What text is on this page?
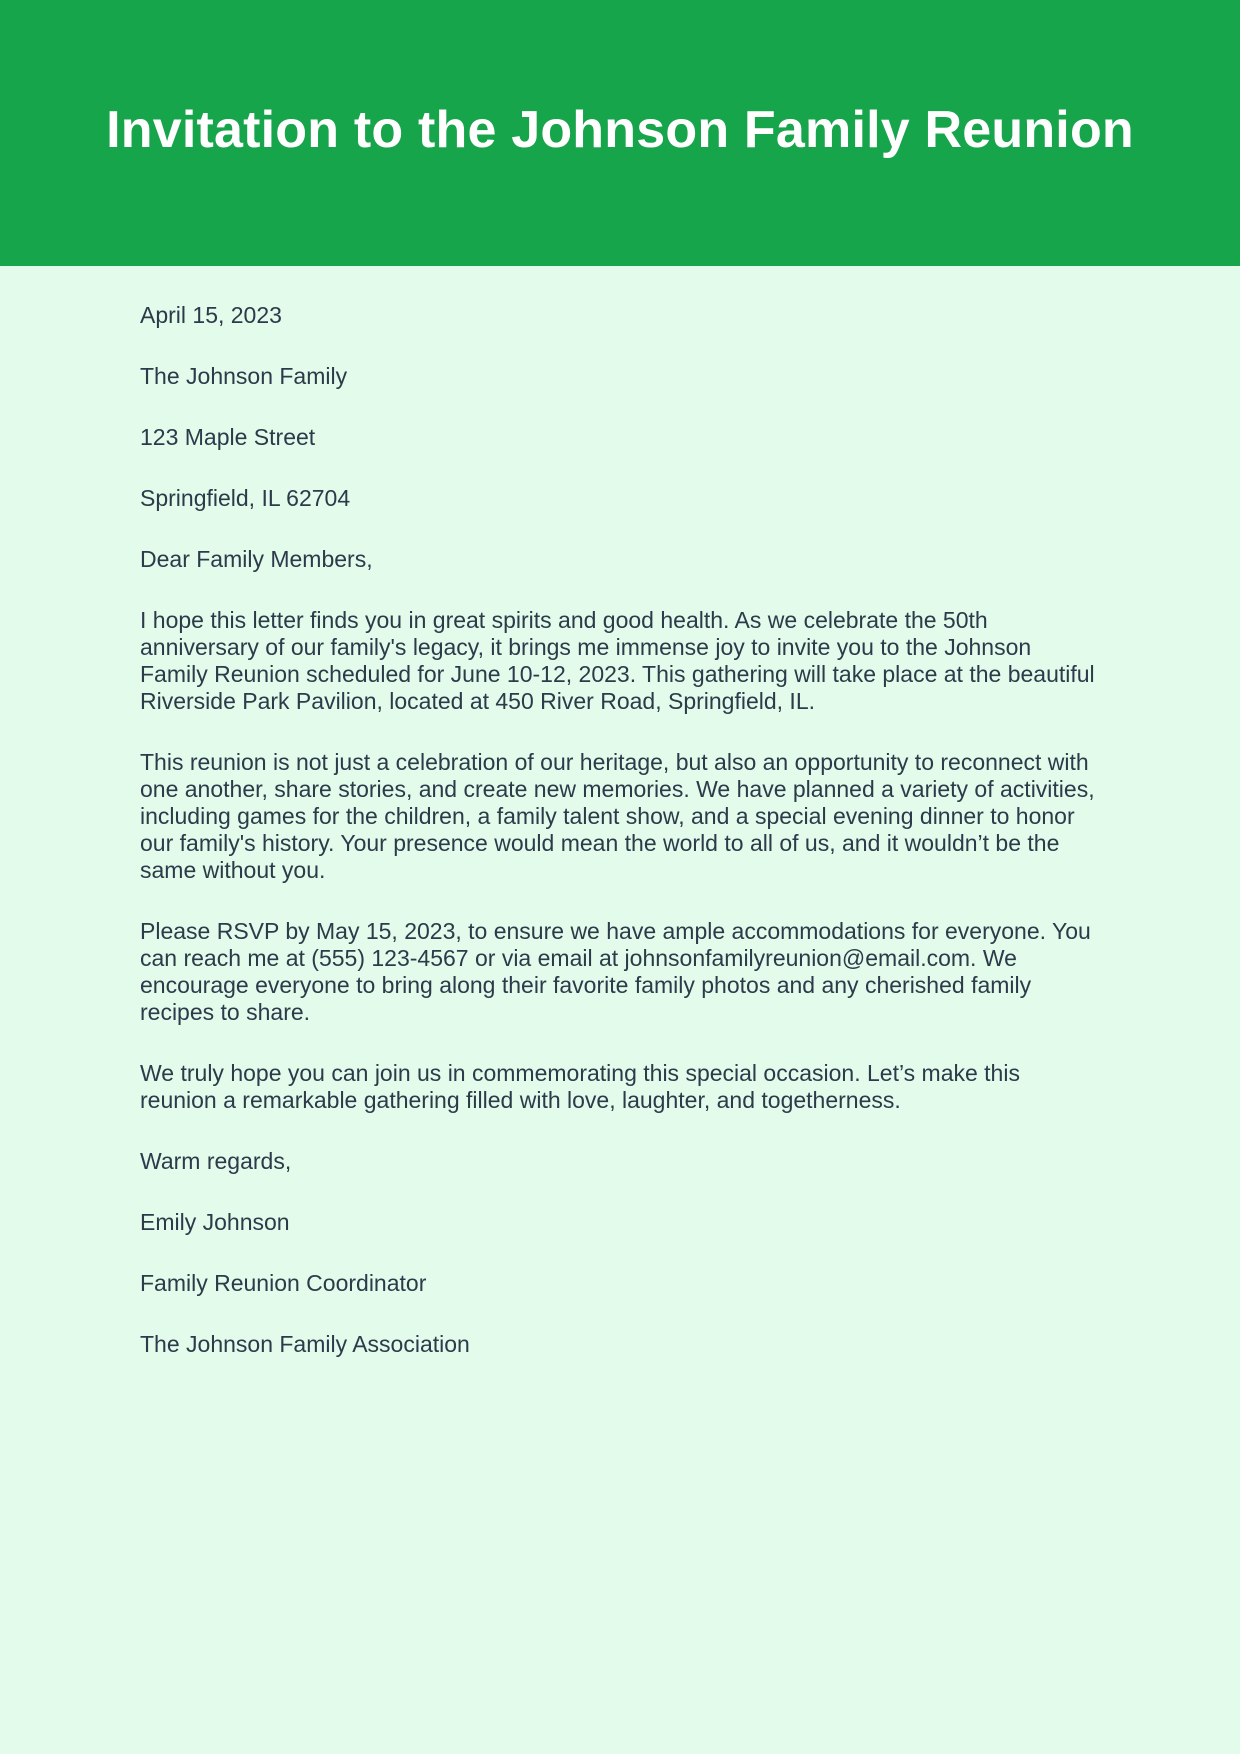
Invitation to the Johnson Family Reunion

April 15, 2023

The Johnson Family

123 Maple Street

Springfield, IL 62704

Dear Family Members,

I hope this letter finds you in great spirits and good health. As we celebrate the 50th anniversary of our family's legacy, it brings me immense joy to invite you to the Johnson Family Reunion scheduled for June 10-12, 2023. This gathering will take place at the beautiful Riverside Park Pavilion, located at 450 River Road, Springfield, IL.

This reunion is not just a celebration of our heritage, but also an opportunity to reconnect with one another, share stories, and create new memories. We have planned a variety of activities, including games for the children, a family talent show, and a special evening dinner to honor our family's history. Your presence would mean the world to all of us, and it wouldn’t be the same without you.

Please RSVP by May 15, 2023, to ensure we have ample accommodations for everyone. You can reach me at (555) 123-4567 or via email at johnsonfamilyreunion@email.com. We encourage everyone to bring along their favorite family photos and any cherished family recipes to share.

We truly hope you can join us in commemorating this special occasion. Let’s make this reunion a remarkable gathering filled with love, laughter, and togetherness.

Warm regards,

Emily Johnson

Family Reunion Coordinator

The Johnson Family Association
